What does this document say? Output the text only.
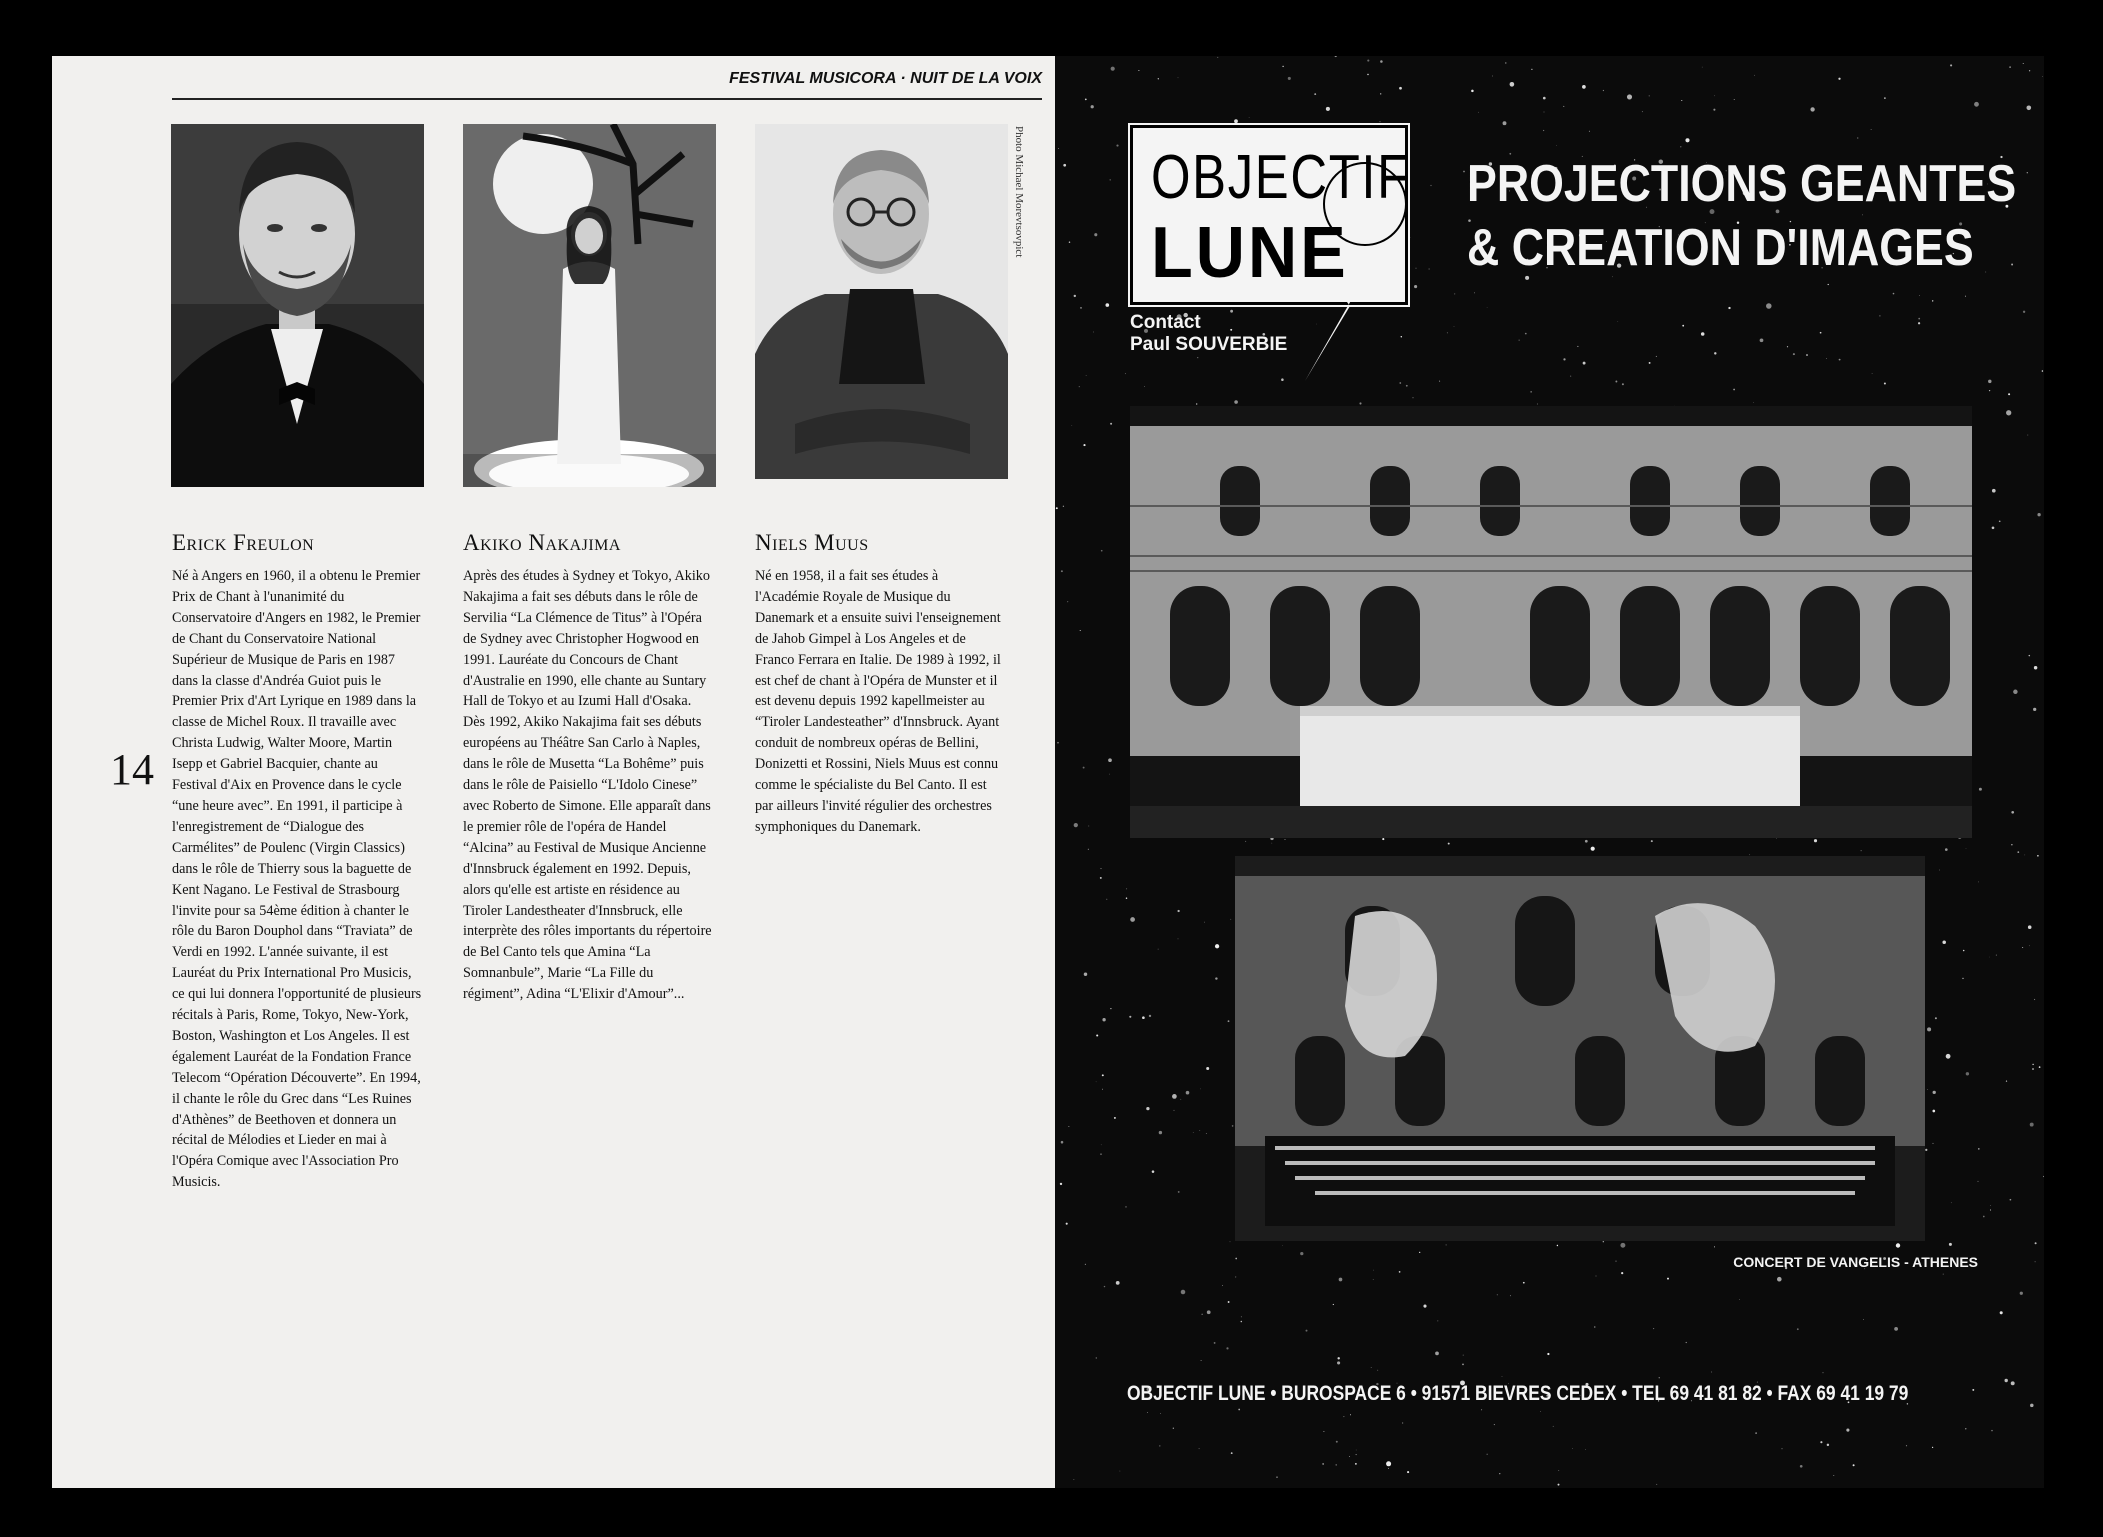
FESTIVAL MUSICORA · NUIT DE LA VOIX
Photo Michael Morevtsovpict
Erick Freulon

Né à Angers en 1960, il a obtenu le Premier Prix de Chant à l'unanimité du Conservatoire d'Angers en 1982, le Premier de Chant du Conservatoire National Supérieur de Musique de Paris en 1987 dans la classe d'Andréa Guiot puis le Premier Prix d'Art Lyrique en 1989 dans la classe de Michel Roux. Il travaille avec Christa Ludwig, Walter Moore, Martin Isepp et Gabriel Bacquier, chante au Festival d'Aix en Provence dans le cycle “une heure avec”. En 1991, il participe à l'enregistrement de “Dialogue des Carmélites” de Poulenc (Virgin Classics) dans le rôle de Thierry sous la baguette de Kent Nagano. Le Festival de Strasbourg l'invite pour sa 54ème édition à chanter le rôle du Baron Douphol dans “Traviata” de Verdi en 1992. L'année suivante, il est Lauréat du Prix International Pro Musicis, ce qui lui donnera l'opportunité de plusieurs récitals à Paris, Rome, Tokyo, New-York, Boston, Washington et Los Angeles. Il est également Lauréat de la Fondation France Telecom “Opération Découverte”. En 1994, il chante le rôle du Grec dans “Les Ruines d'Athènes” de Beethoven et donnera un récital de Mélodies et Lieder en mai à l'Opéra Comique avec l'Association Pro Musicis.

Akiko Nakajima

Après des études à Sydney et Tokyo, Akiko Nakajima a fait ses débuts dans le rôle de Servilia “La Clémence de Titus” à l'Opéra de Sydney avec Christopher Hogwood en 1991. Lauréate du Concours de Chant d'Australie en 1990, elle chante au Suntary Hall de Tokyo et au Izumi Hall d'Osaka. Dès 1992, Akiko Nakajima fait ses débuts européens au Théâtre San Carlo à Naples, dans le rôle de Musetta “La Bohême” puis dans le rôle de Paisiello “L'Idolo Cinese” avec Roberto de Simone. Elle apparaît dans le premier rôle de l'opéra de Handel “Alcina” au Festival de Musique Ancienne d'Innsbruck également en 1992. Depuis, alors qu'elle est artiste en résidence au Tiroler Landestheater d'Innsbruck, elle interprète des rôles importants du répertoire de Bel Canto tels que Amina “La Somnanbule”, Marie “La Fille du régiment”, Adina “L'Elixir d'Amour”...

Niels Muus

Né en 1958, il a fait ses études à l'Académie Royale de Musique du Danemark et a ensuite suivi l'enseignement de Jahob Gimpel à Los Angeles et de Franco Ferrara en Italie. De 1989 à 1992, il est chef de chant à l'Opéra de Munster et il est devenu depuis 1992 kapellmeister au “Tiroler Landesteather” d'Innsbruck. Ayant conduit de nombreux opéras de Bellini, Donizetti et Rossini, Niels Muus est connu comme le spécialiste du Bel Canto. Il est par ailleurs l'invité régulier des orchestres symphoniques du Danemark.

14
OBJECTIF
LUNE
Contact
Paul SOUVERBIE
PROJECTIONS GEANTES
& CREATION D'IMAGES
CONCERT DE VANGELIS - ATHENES
OBJECTIF LUNE • BUROSPACE 6 • 91571 BIEVRES CEDEX • TEL 69 41 81 82 • FAX 69 41 19 79
